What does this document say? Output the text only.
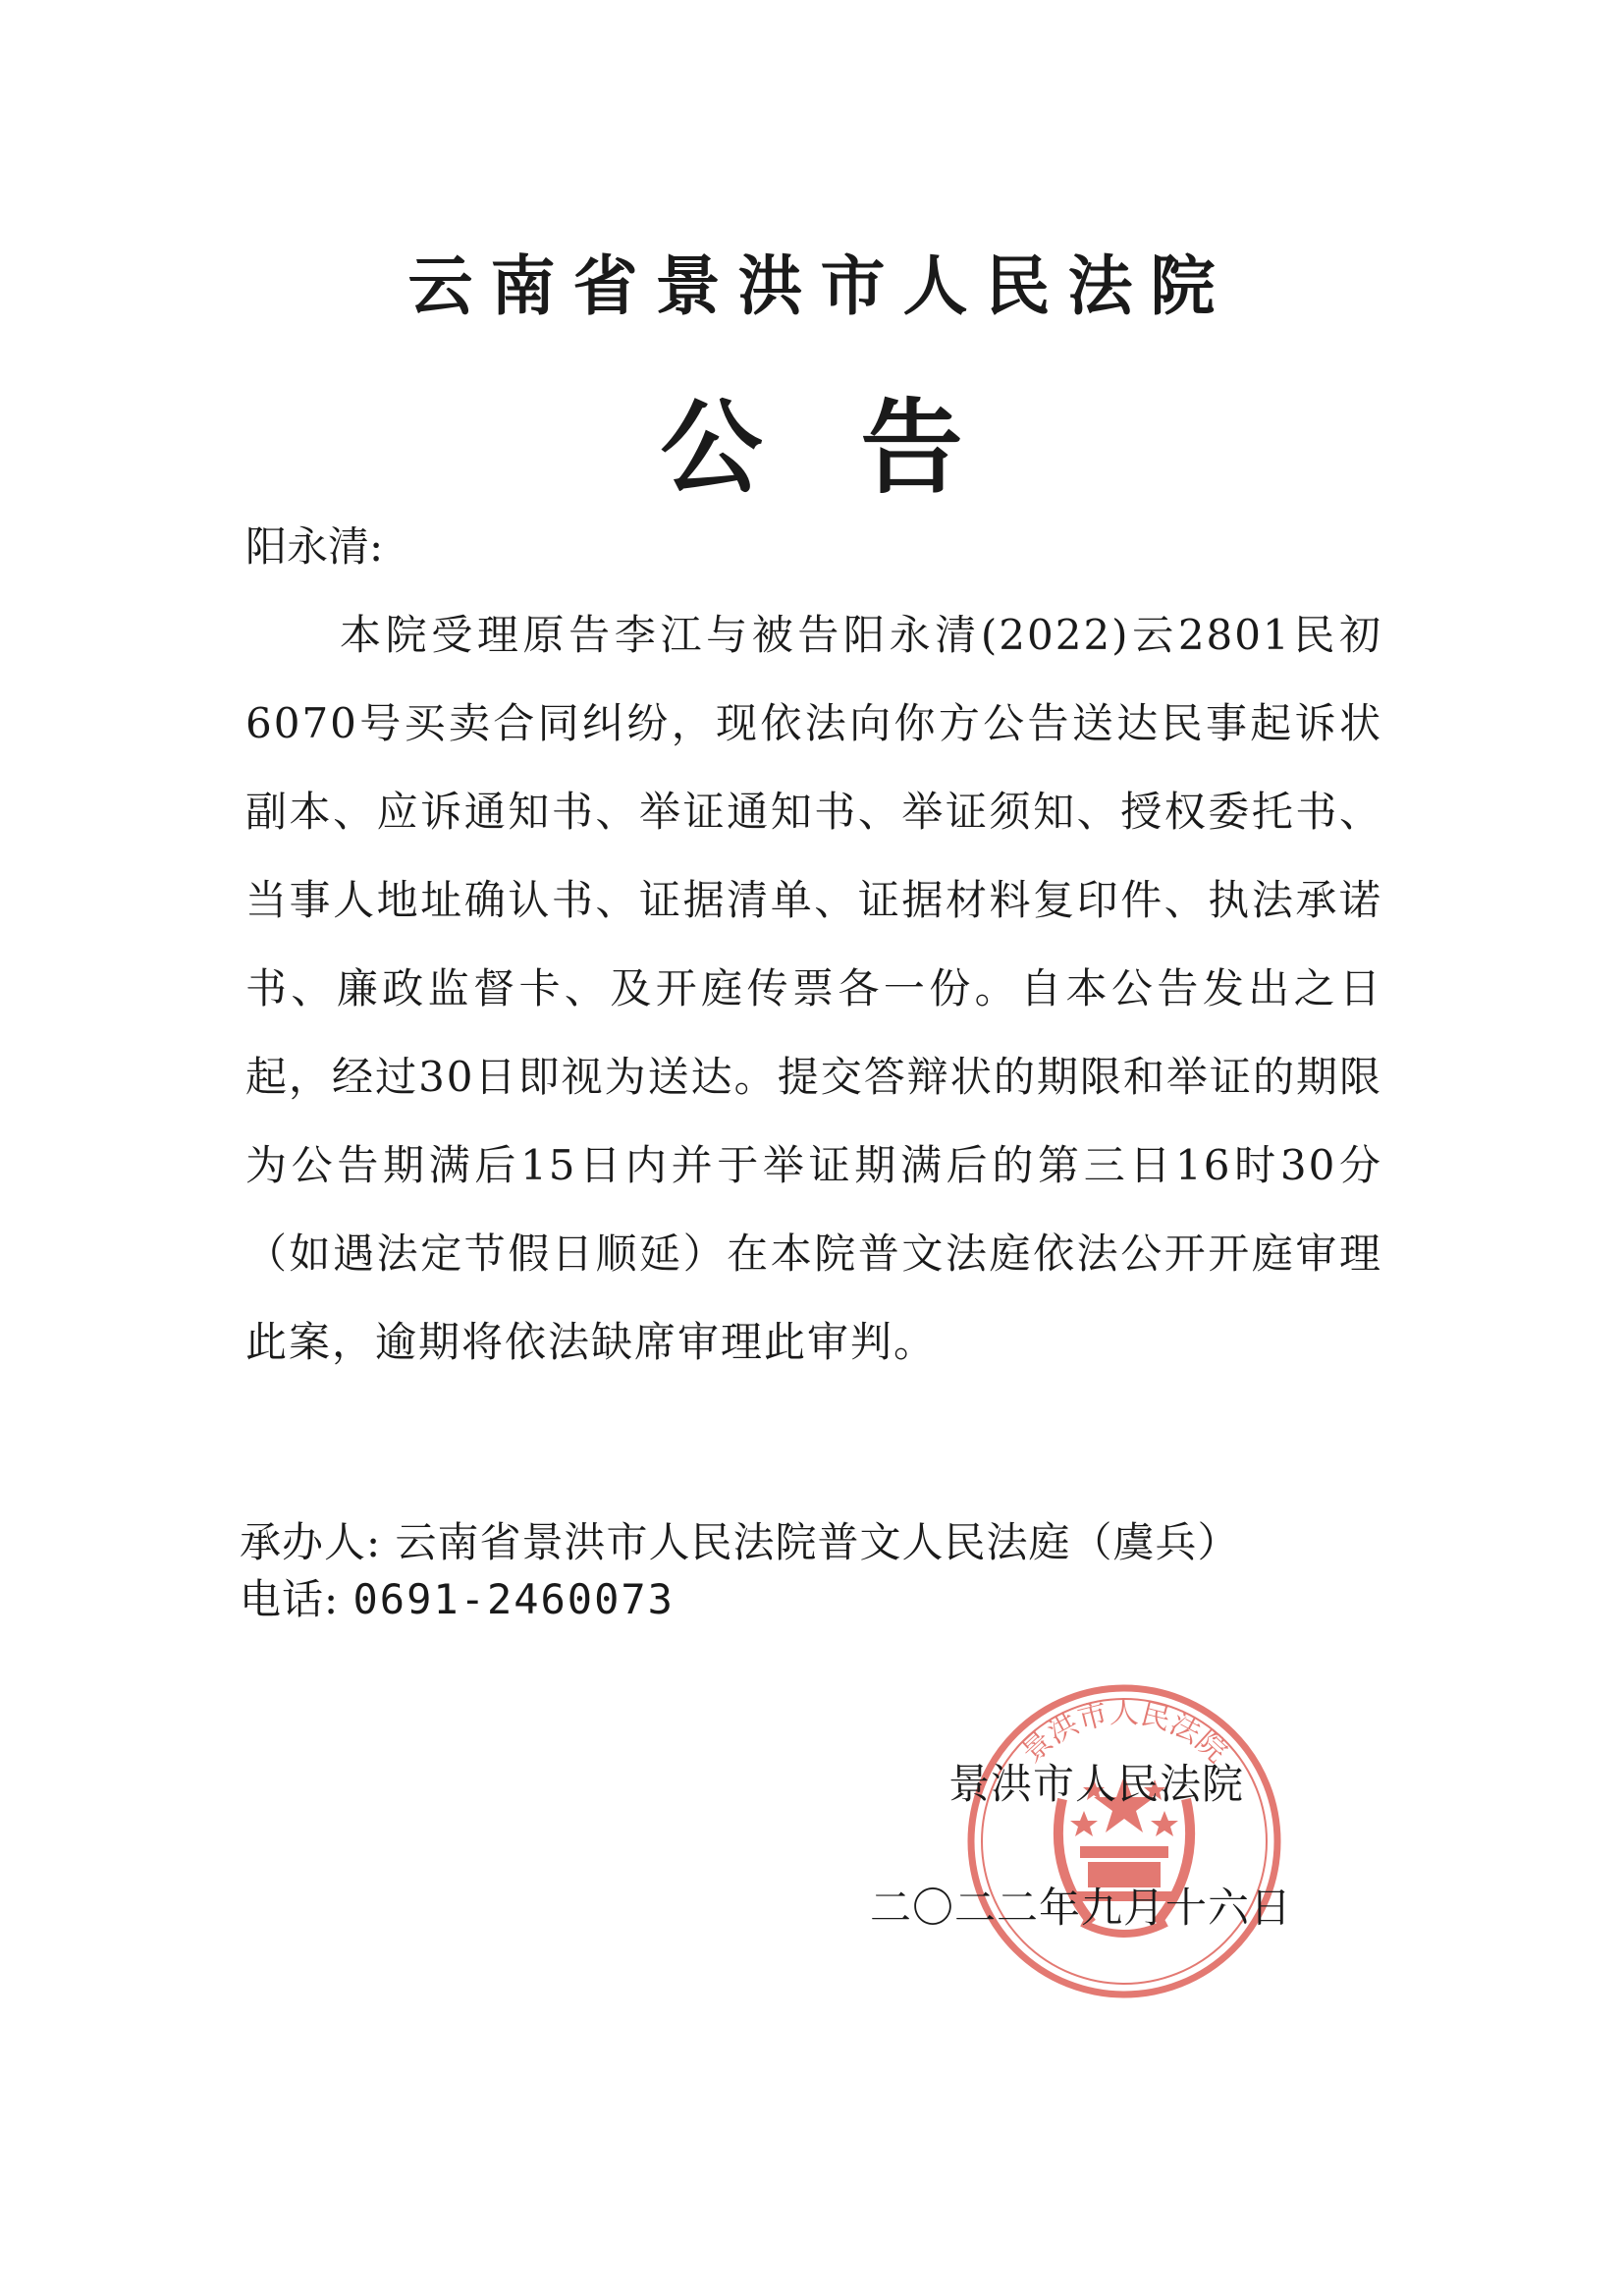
云南省景洪市人民法院
公告
阳永清:
本院受理原告李江与被告阳永清(2022)云2801民初6070号买卖合同纠纷，现依法向你方公告送达民事起诉状副本、应诉通知书、举证通知书、举证须知、授权委托书、当事人地址确认书、证据清单、证据材料复印件、执法承诺书、廉政监督卡、及开庭传票各一份。自本公告发出之日起，经过30日即视为送达。提交答辩状的期限和举证的期限为公告期满后15日内并于举证期满后的第三日16时30分（如遇法定节假日顺延）在本院普文法庭依法公开开庭审理此案，逾期将依法缺席审理此审判。
承办人: 云南省景洪市人民法院普文人民法庭（虞兵）
电话: 0691-2460073
景洪市人民法院
景洪市人民法院
二〇二二年九月十六日
